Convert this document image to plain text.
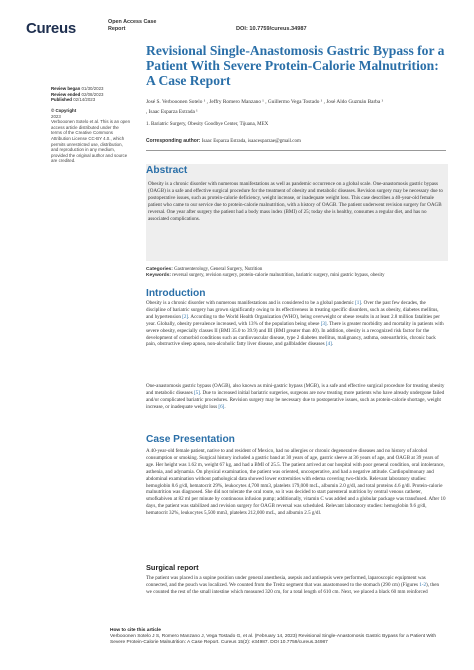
Cureus	Open Access Case
Report	DOI: 10.7759/cureus.34987
Review began 01/30/2023
Review ended 02/08/2023
Published 02/14/2023
© Copyright
2023
Verbooonen Sotelo et al. This is an open access article distributed under the terms of the Creative Commons Attribution License CC-BY 4.0., which permits unrestricted use, distribution, and reproduction in any medium, provided the original author and source are credited.
Revisional Single-Anastomosis Gastric Bypass for a Patient With Severe Protein-Calorie Malnutrition: A Case Report
José S. Verbooonen Sotelo ¹ , Jeffry Romero Manzano ¹ , Guillermo Vega Tostado ¹ , José Aldo Guzmán Barba ¹
, Isaac Esparza Estrada ¹
1. Bariatric Surgery, Obesity Goodbye Center, Tijuana, MEX
Corresponding author: Isaac Esparza Estrada, isaacesparzae@gmail.com
Abstract
Obesity is a chronic disorder with numerous manifestations as well as pandemic occurrence on a global scale. One-anastomosis gastric bypass (OAGB) is a safe and effective surgical procedure for the treatment of obesity and metabolic diseases. Revision surgery may be necessary due to postoperative issues, such as protein-calorie deficiency, weight increase, or inadequate weight loss. This case describes a 40-year-old female patient who came to our service due to protein-calorie malnutrition, with a history of OAGB. The patient underwent revision surgery for OAGB reversal. One year after surgery the patient had a body mass index (BMI) of 25; today she is healthy, consumes a regular diet, and has no associated complications.
Categories: Gastroenterology, General Surgery, Nutrition
Keywords: reversal surgery, revision surgery, protein-calorie malnutrition, bariatric surgery, mini gastric bypass, obesity
Introduction
Obesity is a chronic disorder with numerous manifestations and is considered to be a global pandemic [1]. Over the past few decades, the discipline of bariatric surgery has grown significantly owing to its effectiveness in treating specific disorders, such as obesity, diabetes mellitus, and hypertension [2]. According to the World Health Organization (WHO), being overweight or obese results in at least 2.8 million fatalities per year. Globally, obesity prevalence increased, with 13% of the population being obese [3]. There is greater morbidity and mortality in patients with severe obesity, especially classes II (BMI 35.0 to 39.9) and III (BMI greater than 40). In addition, obesity is a recognized risk factor for the development of comorbid conditions such as cardiovascular disease, type 2 diabetes mellitus, malignancy, asthma, osteoarthritis, chronic back pain, obstructive sleep apnea, non-alcoholic fatty liver disease, and gallbladder diseases [4].
One-anastomosis gastric bypass (OAGB), also known as mini-gastric bypass (MGB), is a safe and effective surgical procedure for treating obesity and metabolic diseases [5]. Due to increased initial bariatric surgeries, surgeons are now treating more patients who have already undergone failed and/or complicated bariatric procedures. Revision surgery may be necessary due to postoperative issues, such as protein-calorie shortage, weight increase, or inadequate weight loss [6].
Case Presentation
A 40-year-old female patient, native to and resident of Mexico, had no allergies or chronic degenerative diseases and no history of alcohol consumption or smoking. Surgical history included a gastric band at 30 years of age, gastric sleeve at 36 years of age, and OAGB at 39 years of age. Her height was 1.62 m, weight 67 kg, and had a BMI of 25.5. The patient arrived at our hospital with poor general condition, oral intolerance, asthenia, and adynamia. On physical examination, the patient was oriented, uncooperative, and had a negative attitude. Cardiopulmonary and abdominal examination without pathological data showed lower extremities with edema covering two-thirds. Relevant laboratory studies: hemoglobin 8.6 g/dl, hematocrit 29%, leukocytes 4,700 mm3, platelets 179,000 mcL, albumin 2.0 g/dl, and total proteins 4.6 g/dl. Protein-calorie malnutrition was diagnosed. She did not tolerate the oral route, so it was decided to start parenteral nutrition by central venous catheter, smofkabiven at 82 ml per minute by continuous infusion pump; additionally, vitamin C was added and a globular package was transfused. After 10 days, the patient was stabilized and revision surgery for OAGB reversal was scheduled. Relevant laboratory studies: hemoglobin 9.6 g/dl, hematocrit 32%, leukocytes 5,500 mm3, platelets 212,000 mcL, and albumin 2.5 g/dl.
Surgical report
The patient was placed in a supine position under general anesthesia, asepsis and antisepsis were performed, laparoscopic equipment was connected, and the pouch was localized. We counted from the Treitz segment that was anastomosed to the stomach (290 cm) (Figures 1-2), then we counted the rest of the small intestine which measured 320 cm, for a total length of 610 cm. Next, we placed a black 60 mm reinforced
How to cite this article
Verbooonen Sotelo J S, Romero Manzano J, Vega Tostado G, et al. (February 14, 2023) Revisional Single-Anastomosis Gastric Bypass for a Patient With Severe Protein-Calorie Malnutrition: A Case Report. Cureus 15(2): e34987. DOI 10.7759/cureus.34987
